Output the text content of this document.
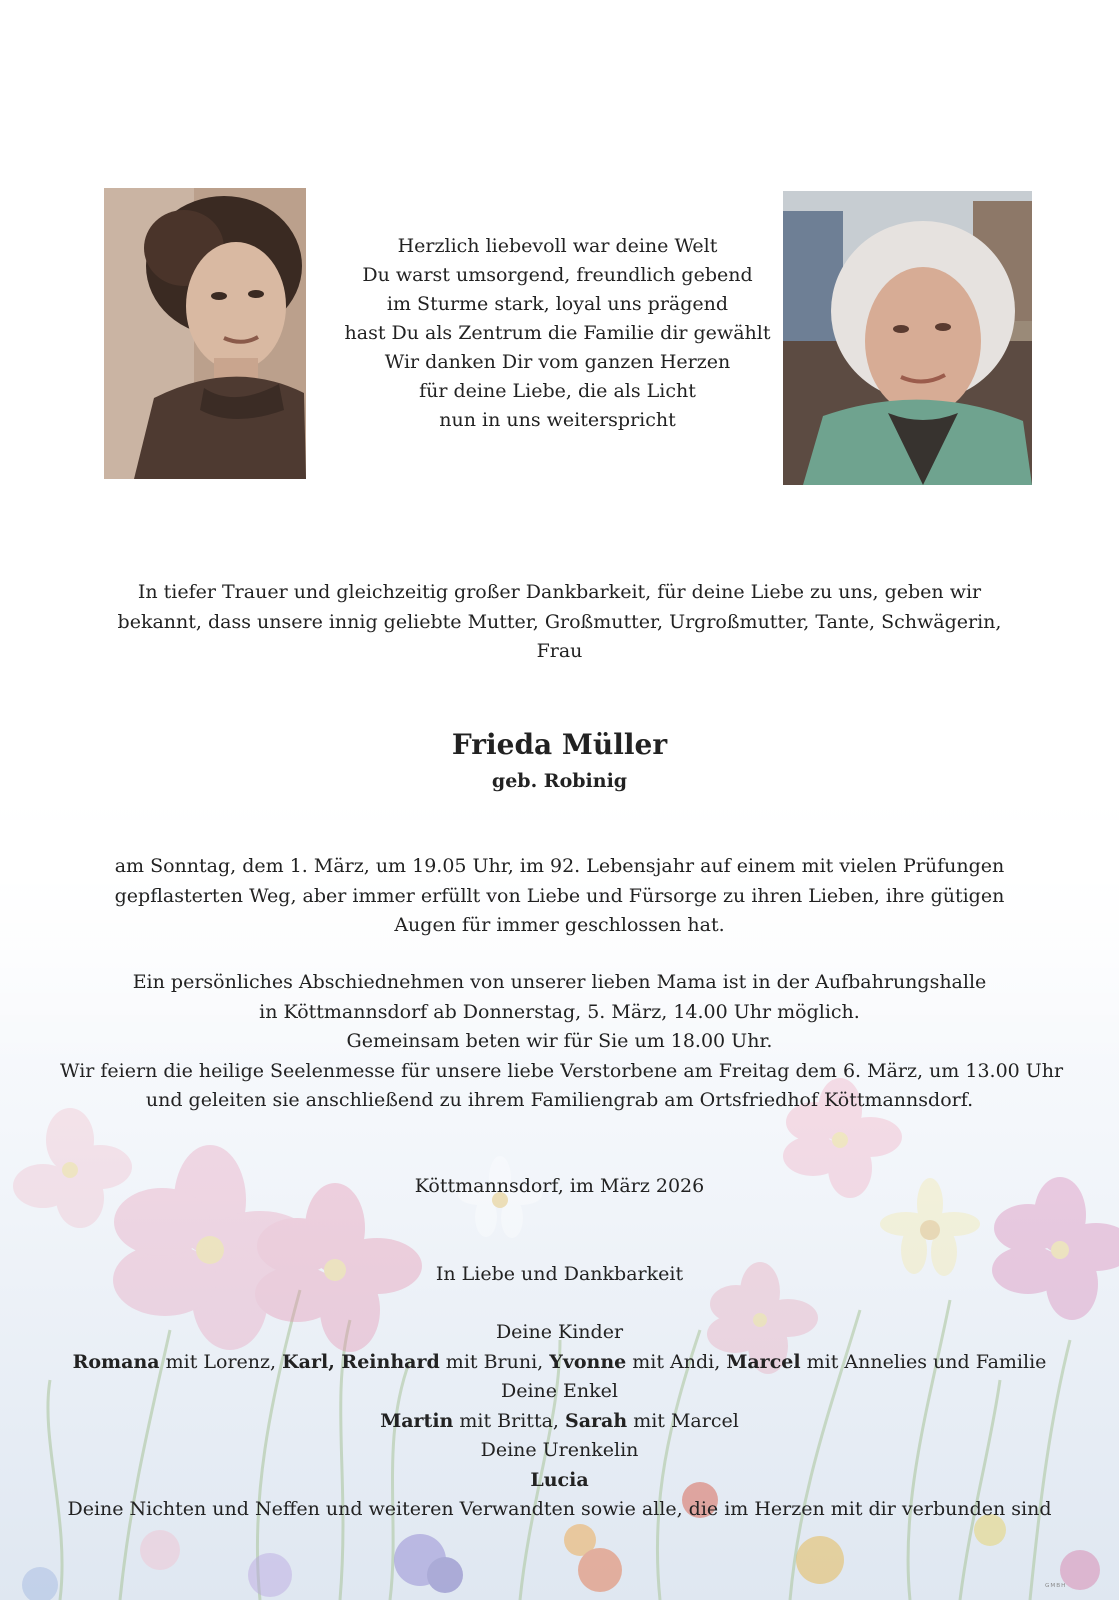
Herzlich liebevoll war deine Welt
Du warst umsorgend, freundlich gebend
im Sturme stark, loyal uns prägend
hast Du als Zentrum die Familie dir gewählt
Wir danken Dir vom ganzen Herzen
für deine Liebe, die als Licht
nun in uns weiterspricht
In tiefer Trauer und gleichzeitig großer Dankbarkeit, für deine Liebe zu uns, geben wir
bekannt, dass unsere innig geliebte Mutter, Großmutter, Urgroßmutter, Tante, Schwägerin,
Frau
Frieda Müller
geb. Robinig
am Sonntag, dem 1. März, um 19.05 Uhr, im 92. Lebensjahr auf einem mit vielen Prüfungen
gepflasterten Weg, aber immer erfüllt von Liebe und Fürsorge zu ihren Lieben, ihre gütigen
Augen für immer geschlossen hat.
Ein persönliches Abschiednehmen von unserer lieben Mama ist in der Aufbahrungshalle
in Köttmannsdorf ab Donnerstag, 5. März, 14.00 Uhr möglich.
Gemeinsam beten wir für Sie um 18.00 Uhr.
Wir feiern die heilige Seelenmesse für unsere liebe Verstorbene am Freitag dem 6. März, um 13.00 Uhr
und geleiten sie anschließend zu ihrem Familiengrab am Ortsfriedhof Köttmannsdorf.
Köttmannsdorf, im März 2026
In Liebe und Dankbarkeit
Deine Kinder
Romana mit Lorenz, Karl, Reinhard mit Bruni, Yvonne mit Andi, Marcel mit Annelies und Familie
Deine Enkel
Martin mit Britta, Sarah mit Marcel
Deine Urenkelin
Lucia
Deine Nichten und Neffen und weiteren Verwandten sowie alle, die im Herzen mit dir verbunden sind
ᴳᴹᴮᴴ
